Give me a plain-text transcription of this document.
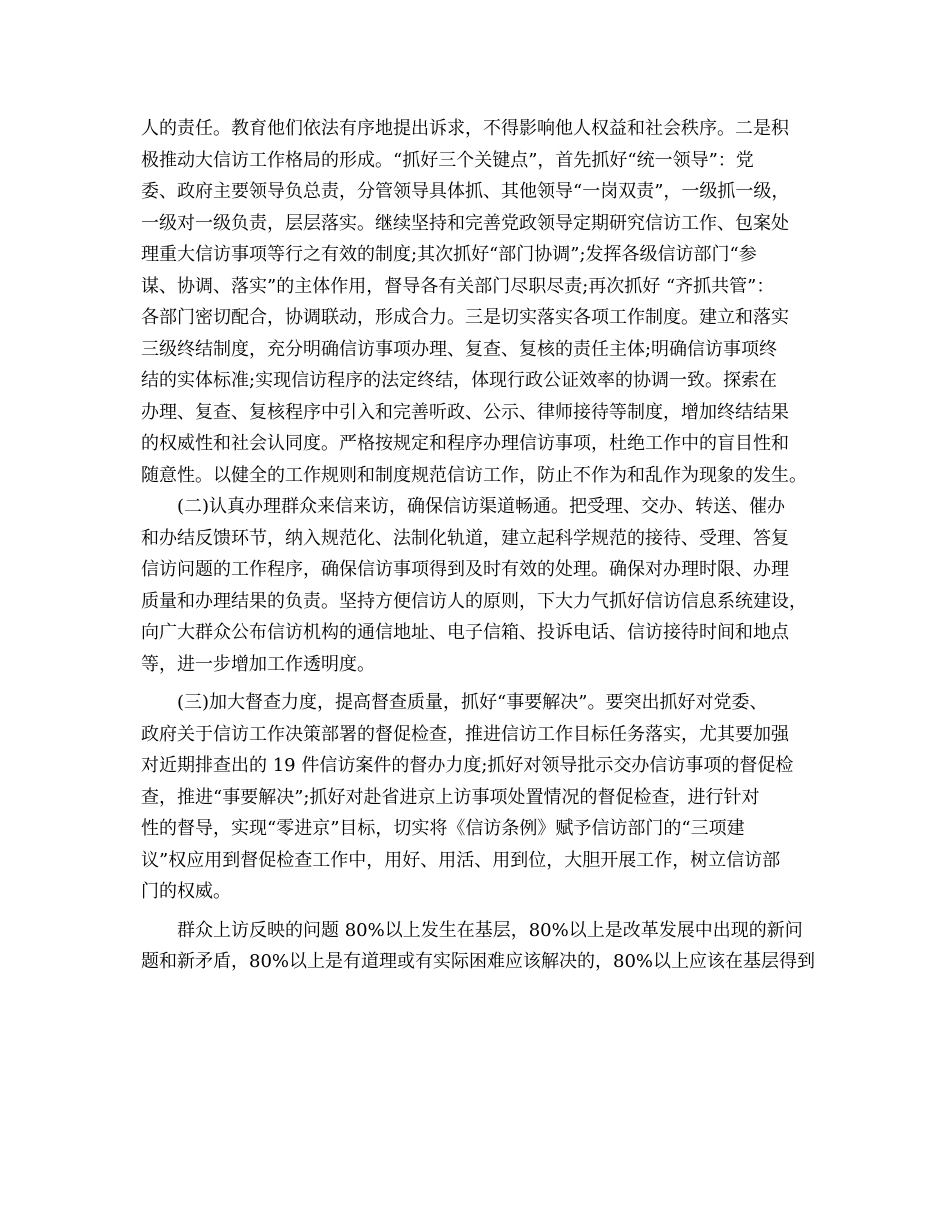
人的责任。教育他们依法有序地提出诉求，不得影响他人权益和社会秩序。二是积
极推动大信访工作格局的形成。“抓好三个关键点”，首先抓好“统一领导”：党
委、政府主要领导负总责，分管领导具体抓、其他领导“一岗双责”，一级抓一级，
一级对一级负责，层层落实。继续坚持和完善党政领导定期研究信访工作、包案处
理重大信访事项等行之有效的制度;其次抓好“部门协调”;发挥各级信访部门“参
谋、协调、落实”的主体作用，督导各有关部门尽职尽责;再次抓好 “齐抓共管”：
各部门密切配合，协调联动，形成合力。三是切实落实各项工作制度。建立和落实
三级终结制度，充分明确信访事项办理、复查、复核的责任主体;明确信访事项终
结的实体标准;实现信访程序的法定终结，体现行政公证效率的协调一致。探索在
办理、复查、复核程序中引入和完善听政、公示、律师接待等制度，增加终结结果
的权威性和社会认同度。严格按规定和程序办理信访事项，杜绝工作中的盲目性和
随意性。以健全的工作规则和制度规范信访工作，防止不作为和乱作为现象的发生。
　　(二)认真办理群众来信来访，确保信访渠道畅通。把受理、交办、转送、催办
和办结反馈环节，纳入规范化、法制化轨道，建立起科学规范的接待、受理、答复
信访问题的工作程序，确保信访事项得到及时有效的处理。确保对办理时限、办理
质量和办理结果的负责。坚持方便信访人的原则，下大力气抓好信访信息系统建设，
向广大群众公布信访机构的通信地址、电子信箱、投诉电话、信访接待时间和地点
等，进一步增加工作透明度。
　　(三)加大督查力度，提高督查质量，抓好“事要解决”。要突出抓好对党委、
政府关于信访工作决策部署的督促检查，推进信访工作目标任务落实，尤其要加强
对近期排查出的 19 件信访案件的督办力度;抓好对领导批示交办信访事项的督促检
查，推进“事要解决”;抓好对赴省进京上访事项处置情况的督促检查，进行针对
性的督导，实现“零进京”目标，切实将《信访条例》赋予信访部门的“三项建
议”权应用到督促检查工作中，用好、用活、用到位，大胆开展工作，树立信访部
门的权威。
　　群众上访反映的问题 80%以上发生在基层，80%以上是改革发展中出现的新问
题和新矛盾，80%以上是有道理或有实际困难应该解决的，80%以上应该在基层得到
